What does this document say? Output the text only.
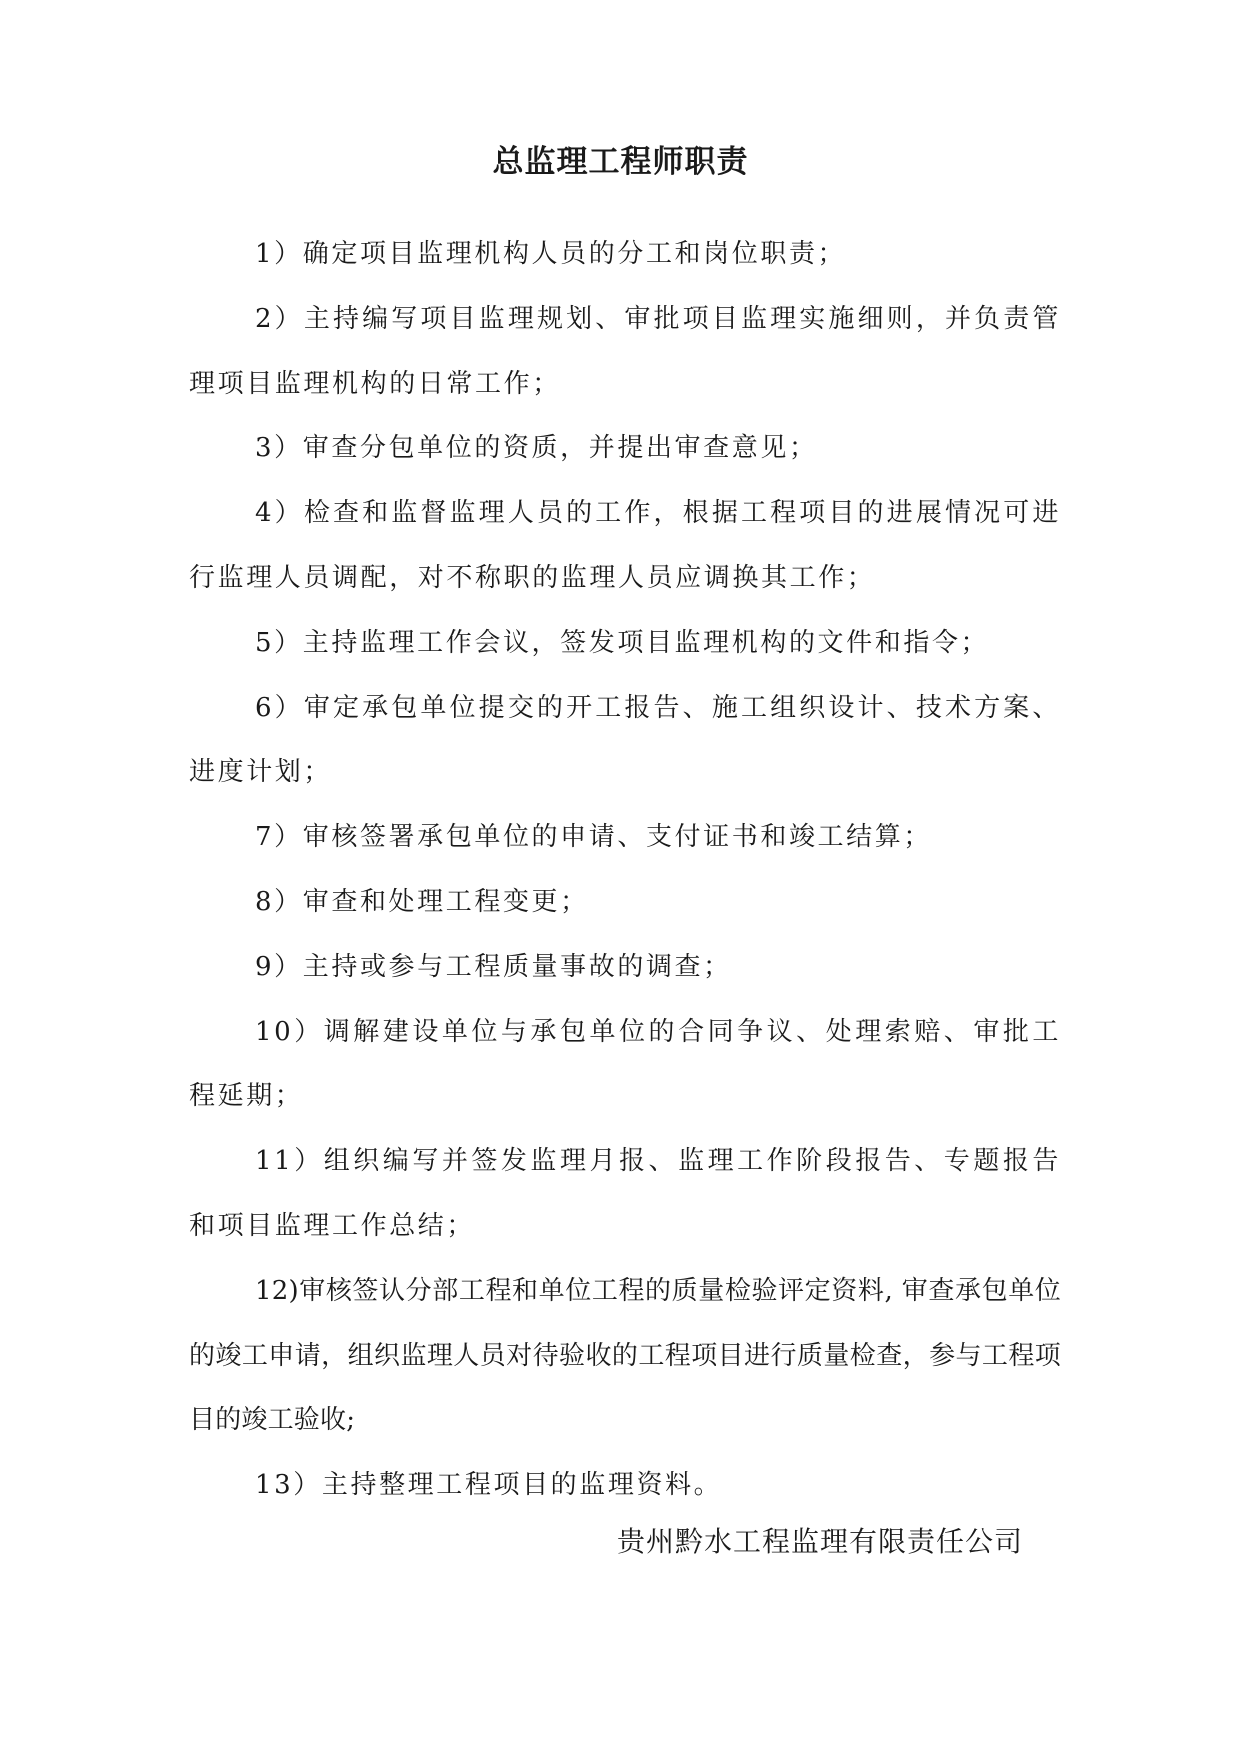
总监理工程师职责

1）确定项目监理机构人员的分工和岗位职责；

2）主持编写项目监理规划、审批项目监理实施细则，并负责管理项目监理机构的日常工作；

3）审查分包单位的资质，并提出审查意见；

4）检查和监督监理人员的工作，根据工程项目的进展情况可进行监理人员调配，对不称职的监理人员应调换其工作；

5）主持监理工作会议，签发项目监理机构的文件和指令；

6）审定承包单位提交的开工报告、施工组织设计、技术方案、进度计划；

7）审核签署承包单位的申请、支付证书和竣工结算；

8）审查和处理工程变更；

9）主持或参与工程质量事故的调查；

10）调解建设单位与承包单位的合同争议、处理索赔、审批工程延期；

11）组织编写并签发监理月报、监理工作阶段报告、专题报告和项目监理工作总结；

12)审核签认分部工程和单位工程的质量检验评定资料, 审查承包单位的竣工申请，组织监理人员对待验收的工程项目进行质量检查，参与工程项目的竣工验收;

13）主持整理工程项目的监理资料。

贵州黔水工程监理有限责任公司
